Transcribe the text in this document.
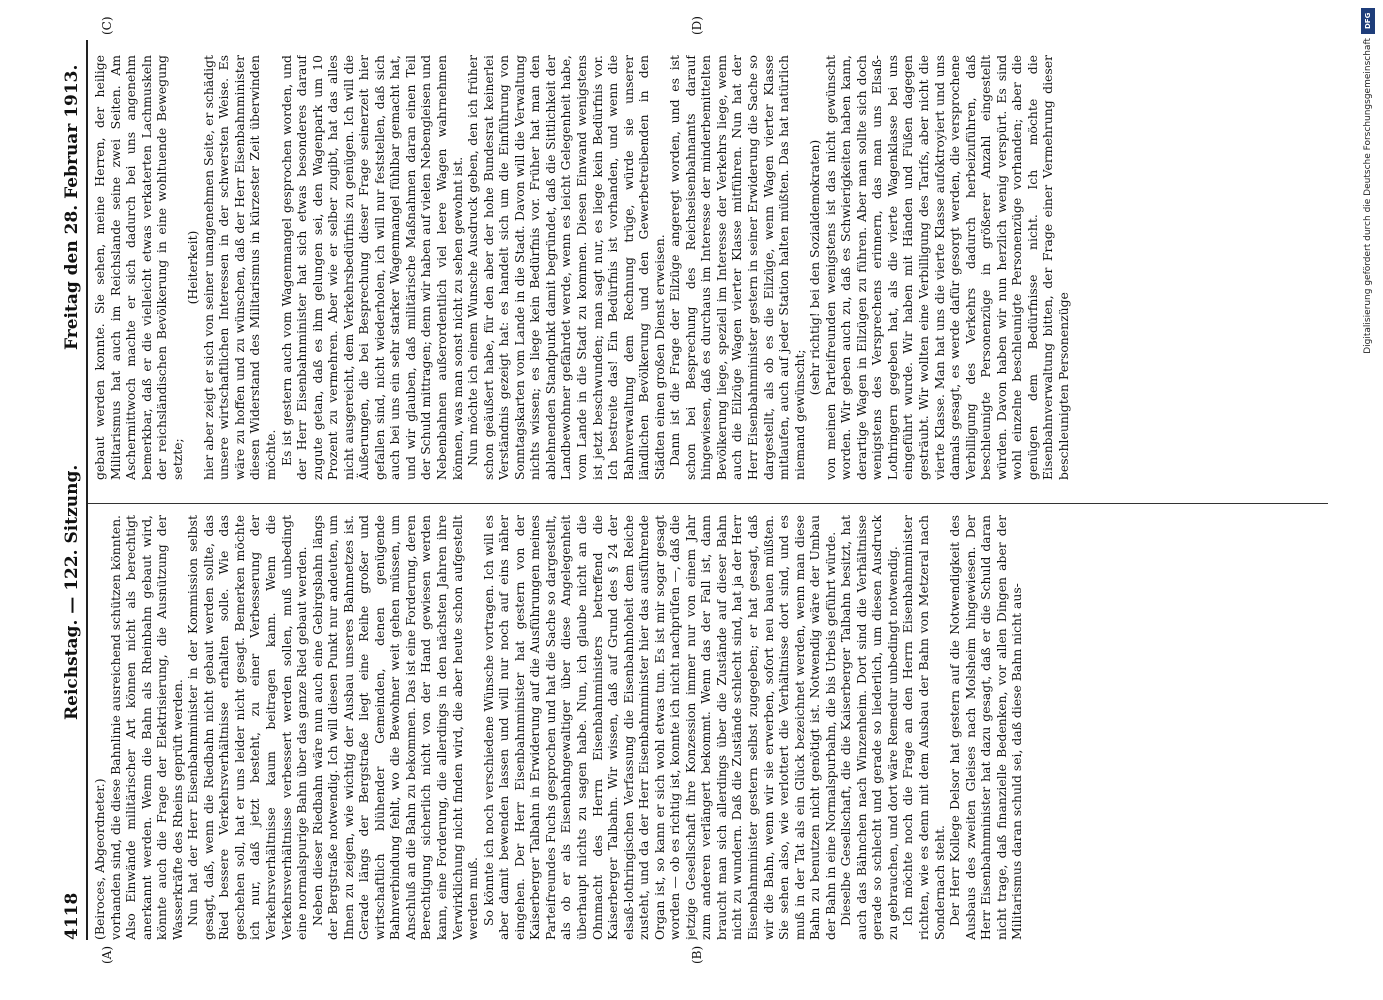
4118
Reichstag. — 122. Sitzung.
Freitag den 28. Februar 1913.
(A)	(B)
(C)	(D)

(Beiroces, Abgeordneter.) vorhanden sind, die diese Bahnlinie ausreichend schützen könnten. Also Einwände militärischer Art können nicht als berechtigt anerkannt werden. Wenn die Bahn als Rheinbahn gebaut wird, könnte auch die Frage der Elektrisierung, die Ausnützung der Wasserkräfte des Rheins geprüft werden. Nun hat der Herr Eisenbahnminister in der Kommission selbst gesagt, daß, wenn die Riedbahn nicht gebaut werden sollte, das Ried bessere Verkehrsverhältnisse erhalten solle. Wie das geschehen soll, hat er uns leider nicht gesagt. Bemerken möchte ich nur, daß jetzt besteht, zu einer Verbesserung der Verkehrsverhältnisse kaum beitragen kann. Wenn die Verkehrsverhältnisse verbessert werden sollen, muß unbedingt eine normalspurige Bahn über das ganze Ried gebaut werden. Neben dieser Riedbahn wäre nun auch eine Gebirgsbahn längs der Bergstraße notwendig. Ich will diesen Punkt nur andeuten, um Ihnen zu zeigen, wie wichtig der Ausbau unseres Bahnnetzes ist. Gerade längs der Bergstraße liegt eine Reihe großer und wirtschaftlich blühender Gemeinden, denen genügende Bahnverbindung fehlt, wo die Bewohner weit gehen müssen, um Anschluß an die Bahn zu bekommen. Das ist eine Forderung, deren Berechtigung sicherlich nicht von der Hand gewiesen werden kann, eine Forderung, die allerdings in den nächsten Jahren ihre Verwirklichung nicht finden wird, die aber heute schon aufgestellt werden muß. So könnte ich noch verschiedene Wünsche vortragen. Ich will es aber damit bewenden lassen und will nur noch auf eins näher eingehen. Der Herr Eisenbahnminister hat gestern von der Kaiserberger Talbahn in Erwiderung auf die Ausführungen meines Parteifreundes Fuchs gesprochen und hat die Sache so dargestellt, als ob er als Eisenbahngewaltiger über diese Angelegenheit überhaupt nichts zu sagen habe. Nun, ich glaube nicht an die Ohnmacht des Herrn Eisenbahnministers betreffend die Kaiserberger Talbahn. Wir wissen, daß auf Grund des § 24 der elsaß-lothringischen Verfassung die Eisenbahnhoheit dem Reiche zusteht, und da der Herr Eisenbahnminister hier das ausführende Organ ist, so kann er sich wohl etwas tun. Es ist mir sogar gesagt worden — ob es richtig ist, konnte ich nicht nachprüfen —, daß die jetzige Gesellschaft ihre Konzession immer nur von einem Jahr zum anderen verlängert bekommt. Wenn das der Fall ist, dann braucht man sich allerdings über die Zustände auf dieser Bahn nicht zu wundern. Daß die Zustände schlecht sind, hat ja der Herr Eisenbahnminister gestern selbst zugegeben; er hat gesagt, daß wir die Bahn, wenn wir sie erwerben, sofort neu bauen müßten. Sie sehen also, wie verlottert die Verhältnisse dort sind, und es muß in der Tat als ein Glück bezeichnet werden, wenn man diese Bahn zu benutzen nicht genötigt ist. Notwendig wäre der Umbau der Bahn in eine Normalspurbahn, die bis Urbeis geführt würde. Dieselbe Gesellschaft, die die Kaiserberger Talbahn besitzt, hat auch das Bähnchen nach Winzenheim. Dort sind die Verhältnisse gerade so schlecht und gerade so liederlich, um diesen Ausdruck zu gebrauchen, und dort wäre Remedur unbedingt notwendig. Ich möchte noch die Frage an den Herrn Eisenbahnminister richten, wie es denn mit dem Ausbau der Bahn von Metzeral nach Sondernach steht. Der Herr Kollege Delsor hat gestern auf die Notwendigkeit des Ausbaus des zweiten Gleises nach Molsheim hingewiesen. Der Herr Eisenbahnminister hat dazu gesagt, daß er die Schuld daran nicht trage, daß finanzielle Bedenken, vor allen Dingen aber der Militarismus daran schuld sei, daß diese Bahn nicht aus-

gebaut werden konnte. Sie sehen, meine Herren, der heilige Militarismus hat auch im Reichslande seine zwei Seiten. Am Aschermittwoch machte er sich dadurch bei uns angenehm bemerkbar, daß er die vielleicht etwas verkaterten Lachmuskeln der reichsländischen Bevölkerung in eine wohltuende Bewegung setzte;

(Heiterkeit) hier aber zeigt er sich von seiner unangenehmen Seite, er schädigt unsere wirtschaftlichen Interessen in der schwersten Weise. Es wäre zu hoffen und zu wünschen, daß der Herr Eisenbahnminister diesen Widerstand des Militarismus in kürzester Zeit überwinden möchte. Es ist gestern auch vom Wagenmangel gesprochen worden, und der Herr Eisenbahnminister hat sich etwas besonderes darauf zugute getan, daß es ihm gelungen sei, den Wagenpark um 10 Prozent zu vermehren. Aber wie er selber zugibt, hat das alles nicht ausgereicht, dem Verkehrsbedürfnis zu genügen. Ich will die Äußerungen, die bei Besprechung dieser Frage seinerzeit hier gefallen sind, nicht wiederholen, ich will nur feststellen, daß sich auch bei uns ein sehr starker Wagenmangel fühlbar gemacht hat, und wir glauben, daß militärische Maßnahmen daran einen Teil der Schuld mittragen; denn wir haben auf vielen Nebengleisen und Nebenbahnen außerordentlich viel leere Wagen wahrnehmen können, was man sonst nicht zu sehen gewohnt ist. Nun möchte ich einem Wunsche Ausdruck geben, den ich früher schon geäußert habe, für den aber der hohe Bundesrat keinerlei Verständnis gezeigt hat: es handelt sich um die Einführung von Sonntagskarten vom Lande in die Stadt. Davon will die Verwaltung nichts wissen; es liege kein Bedürfnis vor. Früher hat man den ablehnenden Standpunkt damit begründet, daß die Sittlichkeit der Landbewohner gefährdet werde, wenn es leicht Gelegenheit habe, vom Lande in die Stadt zu kommen. Diesen Einwand wenigstens ist jetzt beschwunden; man sagt nur, es liege kein Bedürfnis vor. Ich bestreite das! Ein Bedürfnis ist vorhanden, und wenn die Bahnverwaltung dem Rechnung trüge, würde sie unserer ländlichen Bevölkerung und den Gewerbetreibenden in den Städten einen großen Dienst erweisen. Dann ist die Frage der Eilzüge angeregt worden, und es ist schon bei Besprechung des Reichseisenbahnamts darauf hingewiesen, daß es durchaus im Interesse der minderbemittelten Bevölkerung liege, speziell im Interesse der Verkehrs liege, wenn auch die Eilzüge Wagen vierter Klasse mitführen. Nun hat der Herr Eisenbahnminister gestern in seiner Erwiderung die Sache so dargestellt, als ob es die Eilzüge, wenn Wagen vierter Klasse mitlaufen, auch auf jeder Station halten müßten. Das hat natürlich niemand gewünscht;

(sehr richtig! bei den Sozialdemokraten) von meinen Parteifreunden wenigstens ist das nicht gewünscht worden. Wir geben auch zu, daß es Schwierigkeiten haben kann, derartige Wagen in Eilzügen zu führen. Aber man sollte sich doch wenigstens des Versprechens erinnern, das man uns Elsaß-Lothringern gegeben hat, als die vierte Wagenklasse bei uns eingeführt wurde. Wir haben mit Händen und Füßen dagegen gesträubt. Wir wollten eine Verbilligung des Tarifs, aber nicht die vierte Klasse. Man hat uns die vierte Klasse aufoktroyiert und uns damals gesagt, es werde dafür gesorgt werden, die versprochene Verbilligung des Verkehrs dadurch herbeizuführen, daß beschleunigte Personenzüge in größerer Anzahl eingestellt würden. Davon haben wir nun herzlich wenig verspürt. Es sind wohl einzelne beschleunigte Personenzüge vorhanden; aber die genügen dem Bedürfnisse nicht. Ich möchte die Eisenbahnverwaltung bitten, der Frage einer Vermehrung dieser beschleunigten Personenzüge

DFG
Digitalisierung gefördert durch die Deutsche Forschungsgemeinschaft
